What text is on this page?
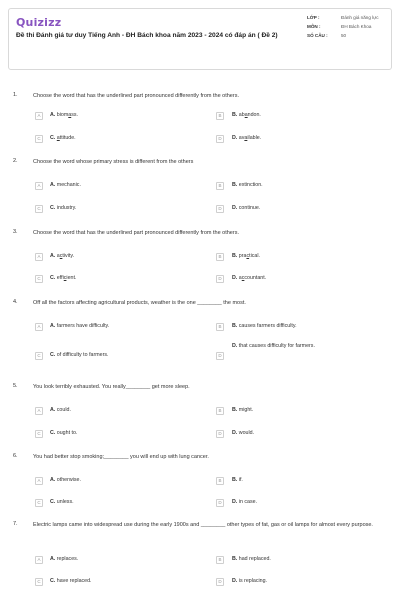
Quizizz
Đề thi Đánh giá tư duy Tiếng Anh - ĐH Bách khoa năm 2023 - 2024 có đáp án ( Đề 2)
LỚP :	Đánh giá năng lực
MÔN :	ĐH Bách Khoa
SỐ CÂU :	50
1.	Choose the word that has the underlined part pronounced differently from the others.
A	A. biomass.	B	B. abandon.
C	C. attitude.	D	D. available.
2.	Choose the word whose primary stress is different from the others
A	A. mechanic.	B	B. extinction.
C	C. industry.	D	D. continue.
3.	Choose the word that has the underlined part pronounced differently from the others.
A	A. activity.	B	B. practical.
C	C. efficient.	D	D. accountant.
4.	Off all the factors affecting agricultural products, weather is the one ________ the most.
A	A. farmers have difficulty.	B	B. causes farmers difficulty.
C	C. of difficulty to farmers.	D
D. that causes difficulty for farmers.
5.	You look terribly exhausted. You really________ get more sleep.
A	A. could.	B	B. might.
C	C. ought to.	D	D. would.
6.	You had better stop smoking;________ you will end up with lung cancer.
A	A. otherwise.	B	B. if.
C	C. unless.	D	D. in case.
7.	Electric lamps came into widespread use during the early 1900s and ________ other types of fat, gas or oil lamps for almost every purpose.
A	A. replaces.	B	B. had replaced.
C	C. have replaced.	D	D. is replacing.
